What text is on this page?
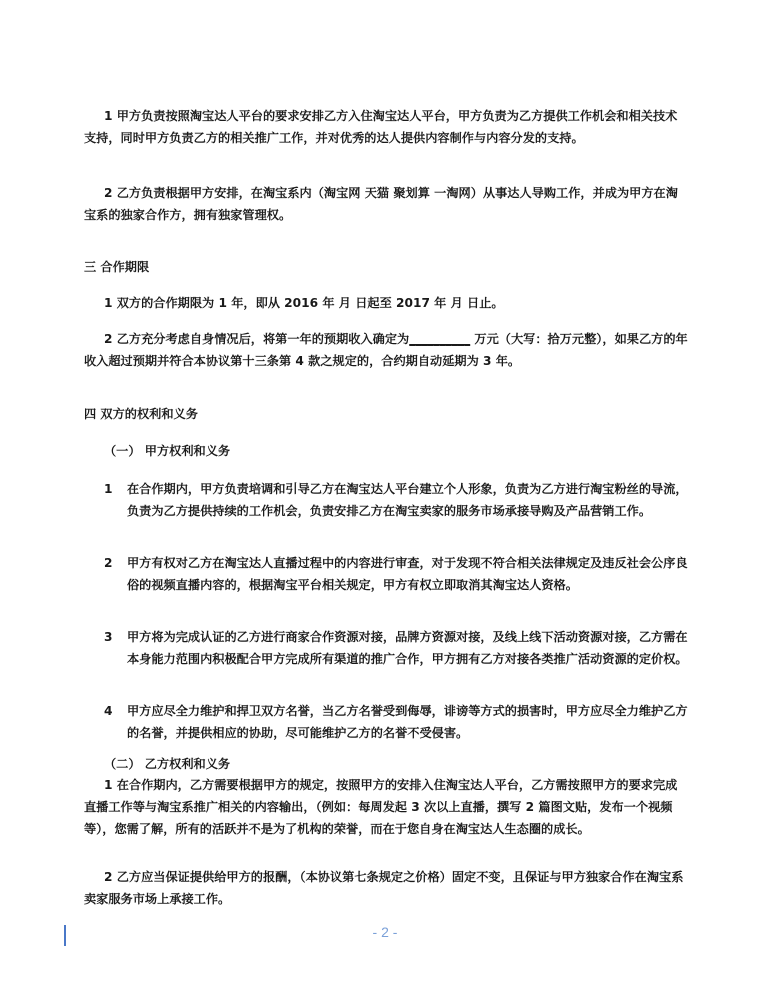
1 甲方负责按照淘宝达人平台的要求安排乙方入住淘宝达人平台，甲方负责为乙方提供工作机会和相关技术支持，同时甲方负责乙方的相关推广工作，并对优秀的达人提供内容制作与内容分发的支持。

2 乙方负责根据甲方安排，在淘宝系内（淘宝网 天猫 聚划算 一淘网）从事达人导购工作，并成为甲方在淘宝系的独家合作方，拥有独家管理权。

三 合作期限

1 双方的合作期限为 1 年，即从 2016 年 月 日起至 2017 年 月 日止。

2 乙方充分考虑自身情况后，将第一年的预期收入确定为__________ 万元（大写：拾万元整），如果乙方的年收入超过预期并符合本协议第十三条第 4 款之规定的，合约期自动延期为 3 年。

四 双方的权利和义务
（一） 甲方权利和义务
1 在合作期内，甲方负责培调和引导乙方在淘宝达人平台建立个人形象，负责为乙方进行淘宝粉丝的导流，负责为乙方提供持续的工作机会，负责安排乙方在淘宝卖家的服务市场承接导购及产品营销工作。
2 甲方有权对乙方在淘宝达人直播过程中的内容进行审查，对于发现不符合相关法律规定及违反社会公序良俗的视频直播内容的，根据淘宝平台相关规定，甲方有权立即取消其淘宝达人资格。
3 甲方将为完成认证的乙方进行商家合作资源对接，品牌方资源对接，及线上线下活动资源对接，乙方需在本身能力范围内积极配合甲方完成所有渠道的推广合作，甲方拥有乙方对接各类推广活动资源的定价权。
4 甲方应尽全力维护和捍卫双方名誉，当乙方名誉受到侮辱，诽谤等方式的损害时，甲方应尽全力维护乙方的名誉，并提供相应的协助，尽可能维护乙方的名誉不受侵害。
（二） 乙方权利和义务

1 在合作期内，乙方需要根据甲方的规定，按照甲方的安排入住淘宝达人平台，乙方需按照甲方的要求完成直播工作等与淘宝系推广相关的内容输出，（例如：每周发起 3 次以上直播，撰写 2 篇图文贴，发布一个视频等），您需了解，所有的活跃并不是为了机构的荣誉，而在于您自身在淘宝达人生态圈的成长。

2 乙方应当保证提供给甲方的报酬，（本协议第七条规定之价格）固定不变，且保证与甲方独家合作在淘宝系卖家服务市场上承接工作。

- 2 -
